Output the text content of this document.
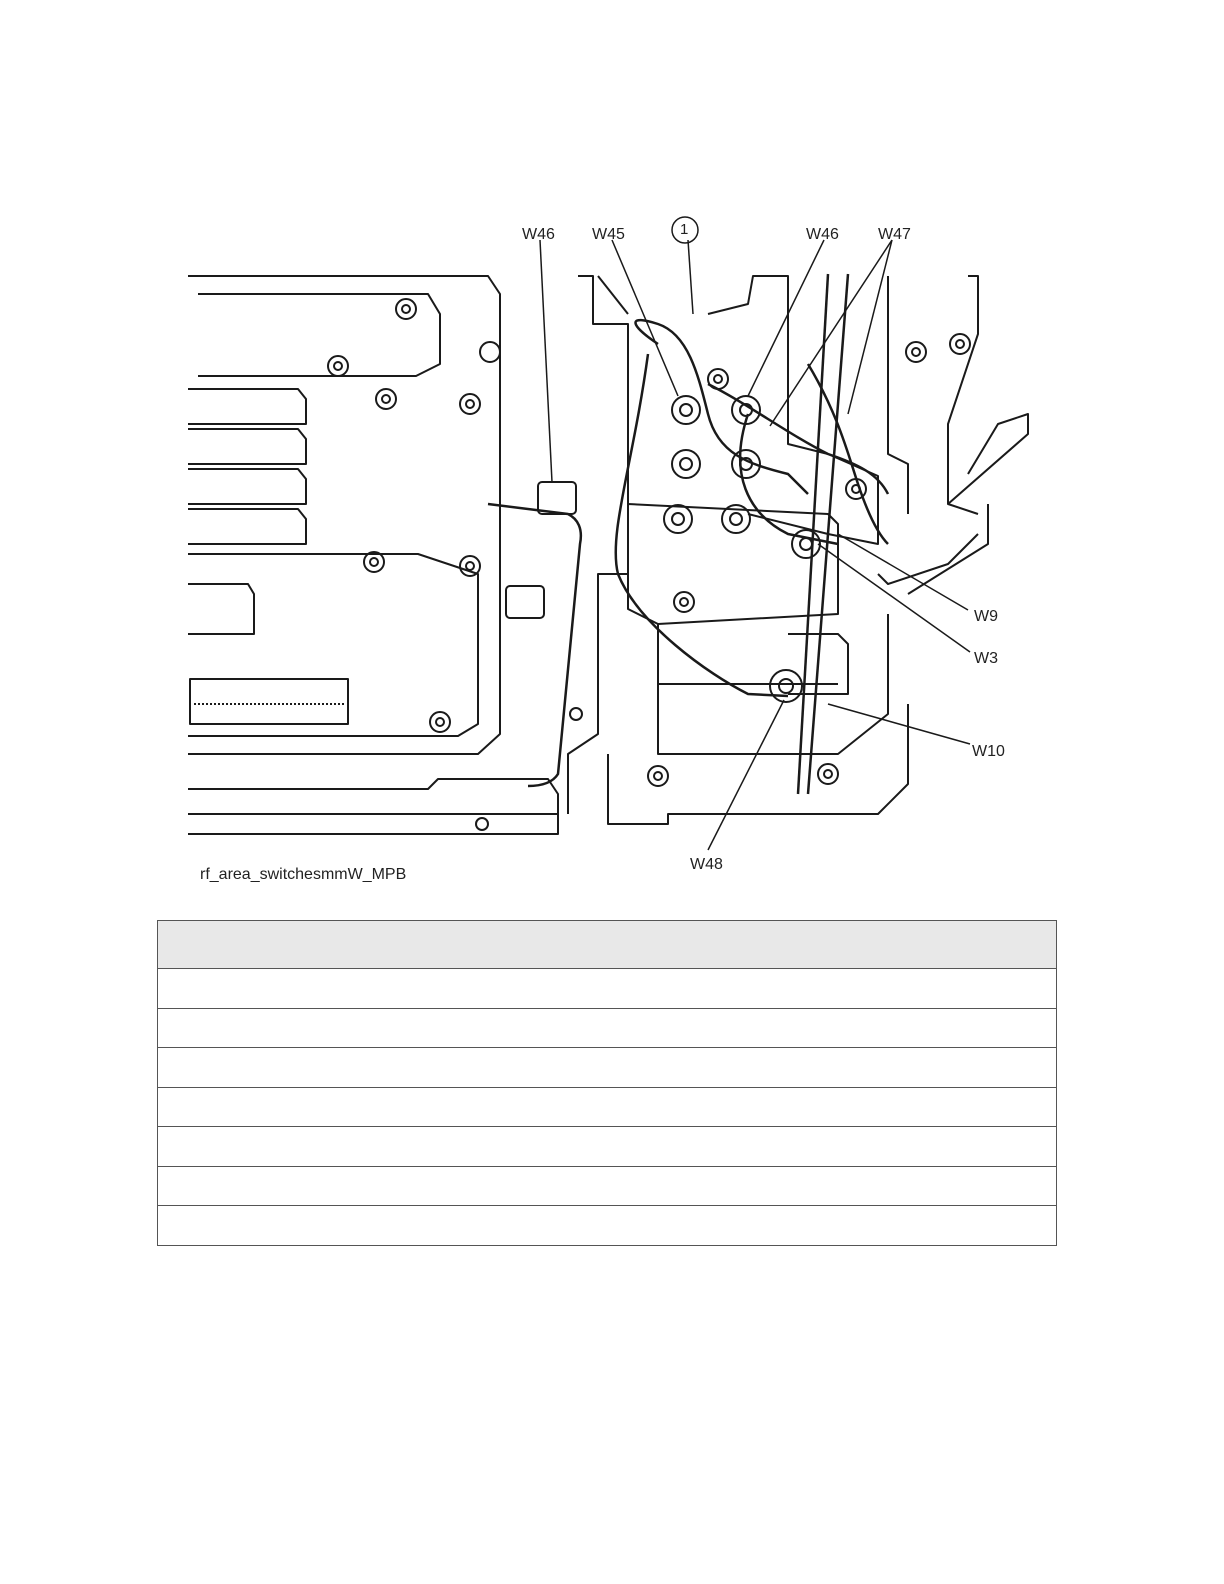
W46 W45	1	W46 W47
W9
W3
W10
W48
rf_area_switchesmmW_MPB
